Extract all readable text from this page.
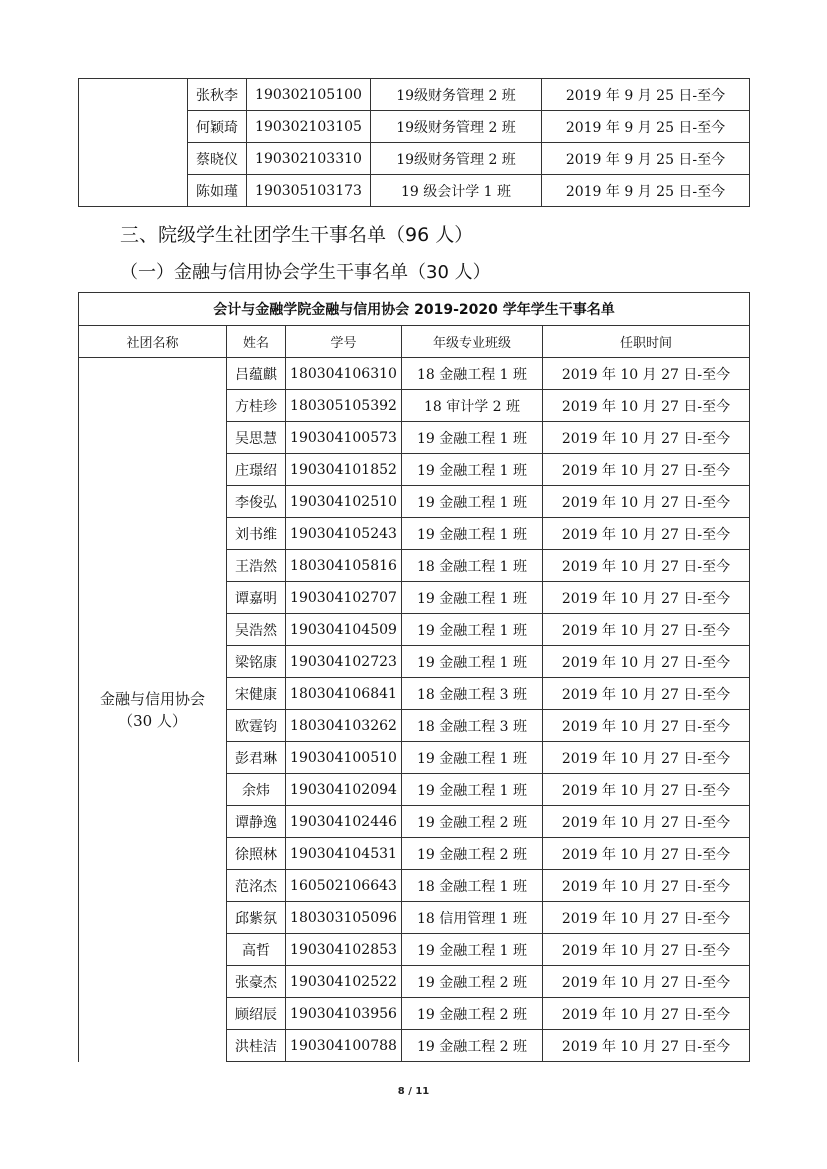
	张秋李	190302105100	19级财务管理 2 班	2019 年 9 月 25 日-至今
	何颖琦	190302103105	19级财务管理 2 班	2019 年 9 月 25 日-至今
	蔡晓仪	190302103310	19级财务管理 2 班	2019 年 9 月 25 日-至今
	陈如瑾	190305103173	19 级会计学 1 班	2019 年 9 月 25 日-至今
三、院级学生社团学生干事名单（96 人）
（一）金融与信用协会学生干事名单（30 人）
会计与金融学院金融与信用协会 2019-2020 学年学生干事名单				
社团名称	姓名	学号	年级专业班级	任职时间

金融与信用协会
（30 人）	吕蕴麒	180304106310	18 金融工程 1 班	2019 年 10 月 27 日-至今
	方桂珍	180305105392	18 审计学 2 班	2019 年 10 月 27 日-至今
	吴思慧	190304100573	19 金融工程 1 班	2019 年 10 月 27 日-至今
	庄璟绍	190304101852	19 金融工程 1 班	2019 年 10 月 27 日-至今
	李俊弘	190304102510	19 金融工程 1 班	2019 年 10 月 27 日-至今
	刘书维	190304105243	19 金融工程 1 班	2019 年 10 月 27 日-至今
	王浩然	180304105816	18 金融工程 1 班	2019 年 10 月 27 日-至今
	谭嘉明	190304102707	19 金融工程 1 班	2019 年 10 月 27 日-至今
	吴浩然	190304104509	19 金融工程 1 班	2019 年 10 月 27 日-至今
	梁铭康	190304102723	19 金融工程 1 班	2019 年 10 月 27 日-至今
	宋健康	180304106841	18 金融工程 3 班	2019 年 10 月 27 日-至今
	欧霆钧	180304103262	18 金融工程 3 班	2019 年 10 月 27 日-至今
	彭君琳	190304100510	19 金融工程 1 班	2019 年 10 月 27 日-至今
	余炜	190304102094	19 金融工程 1 班	2019 年 10 月 27 日-至今
	谭静逸	190304102446	19 金融工程 2 班	2019 年 10 月 27 日-至今
	徐照林	190304104531	19 金融工程 2 班	2019 年 10 月 27 日-至今
	范洺杰	160502106643	18 金融工程 1 班	2019 年 10 月 27 日-至今
	邱紫氛	180303105096	18 信用管理 1 班	2019 年 10 月 27 日-至今
	高哲	190304102853	19 金融工程 1 班	2019 年 10 月 27 日-至今
	张豪杰	190304102522	19 金融工程 2 班	2019 年 10 月 27 日-至今
	顾绍辰	190304103956	19 金融工程 2 班	2019 年 10 月 27 日-至今
	洪桂洁	190304100788	19 金融工程 2 班	2019 年 10 月 27 日-至今
8 / 11
